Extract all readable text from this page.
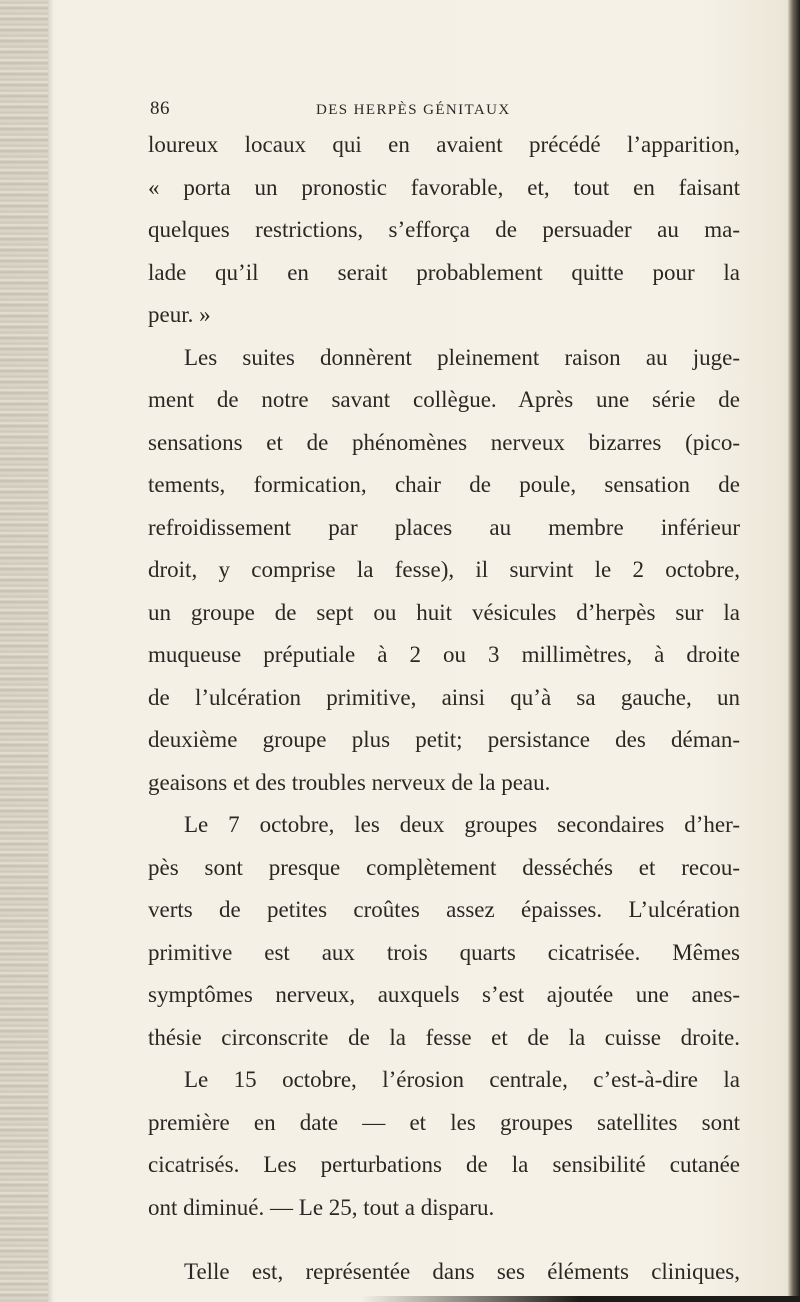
86	DES HERPÈS GÉNITAUX
loureux locaux qui en avaient précédé l’apparition,
« porta un pronostic favorable, et, tout en faisant
quelques restrictions, s’efforça de persuader au ma-
lade qu’il en serait probablement quitte pour la
peur. »
Les suites donnèrent pleinement raison au juge-
ment de notre savant collègue. Après une série de
sensations et de phénomènes nerveux bizarres (pico-
tements, formication, chair de poule, sensation de
refroidissement par places au membre inférieur
droit, y comprise la fesse), il survint le 2 octobre,
un groupe de sept ou huit vésicules d’herpès sur la
muqueuse préputiale à 2 ou 3 millimètres, à droite
de l’ulcération primitive, ainsi qu’à sa gauche, un
deuxième groupe plus petit; persistance des déman-
geaisons et des troubles nerveux de la peau.
Le 7 octobre, les deux groupes secondaires d’her-
pès sont presque complètement desséchés et recou-
verts de petites croûtes assez épaisses. L’ulcération
primitive est aux trois quarts cicatrisée. Mêmes
symptômes nerveux, auxquels s’est ajoutée une anes-
thésie circonscrite de la fesse et de la cuisse droite.
Le 15 octobre, l’érosion centrale, c’est-à-dire la
première en date — et les groupes satellites sont
cicatrisés. Les perturbations de la sensibilité cutanée
ont diminué. — Le 25, tout a disparu.
Telle est, représentée dans ses éléments cliniques,
